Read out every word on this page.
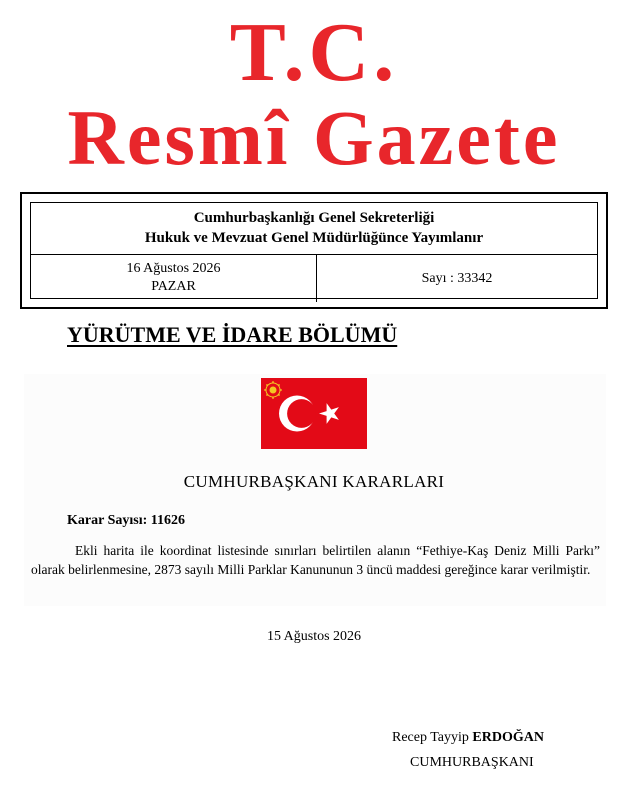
T.C.
Resmî Gazete
Cumhurbaşkanlığı Genel Sekreterliği
Hukuk ve Mevzuat Genel Müdürlüğünce Yayımlanır
16 Ağustos 2026
PAZAR
Sayı : 33342
YÜRÜTME VE İDARE BÖLÜMÜ
CUMHURBAŞKANI KARARLARI
Karar Sayısı: 11626
Ekli harita ile koordinat listesinde sınırları belirtilen alanın “Fethiye-Kaş Deniz Milli Parkı” olarak belirlenmesine, 2873 sayılı Milli Parklar Kanununun 3 üncü maddesi gereğince karar verilmiştir.
15 Ağustos 2026
Recep Tayyip ERDOĞAN
CUMHURBAŞKANI
